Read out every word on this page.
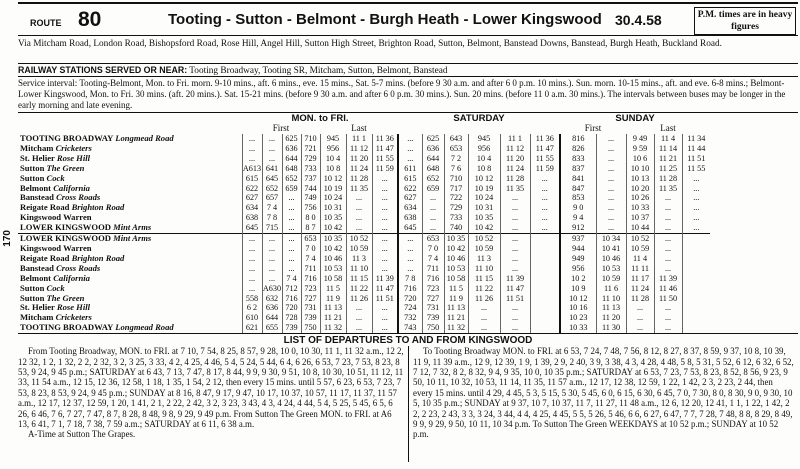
170
ROUTE 80	Tooting - Sutton - Belmont - Burgh Heath - Lower Kingswood 30.4.58	P.M. times are in heavy figures
Via Mitcham Road, London Road, Bishopsford Road, Rose Hill, Angel Hill, Sutton High Street, Brighton Road, Sutton, Belmont, Banstead Downs, Banstead, Burgh Heath, Buckland Road.
RAILWAY STATIONS SERVED OR NEAR: Tooting Broadway, Tooting SR, Mitcham, Sutton, Belmont, Banstead
Service interval: Tooting-Belmont, Mon. to Fri. morn. 9-10 mins., aft. 6 mins., eve. 15 mins., Sat. 5-7 mins. (before 9 30 a.m. and after 6 0 p.m. 10 mins.). Sun. morn. 10-15 mins., aft. and eve. 6-8 mins.; Belmont-Lower Kingswood, Mon. to Fri. 30 mins. (aft. 20 mins.). Sat. 15-21 mins. (before 9 30 a.m. and after 6 0 p.m. 30 mins.). Sun. 20 mins. (before 11 0 a.m. 30 mins.). The intervals between buses may be longer in the early morning and late evening.
	MON. to FRI.							SATURDAY						SUNDAY				
	First				Last									First		Last		
TOOTING BROADWAY Longmead Road	...	...	625	710	945	11 1	11 36	...	625	643	945	11 1	11 36	816	...	9 49	11 4	11 34
Mitcham Cricketers	...	...	636	721	956	11 12	11 47	...	636	653	956	11 12	11 47	826	...	9 59	11 14	11 44
St. Helier Rose Hill	...	...	644	729	10 4	11 20	11 55	...	644	7 2	10 4	11 20	11 55	833	...	10 6	11 21	11 51
Sutton The Green	A613	641	648	733	10 8	11 24	11 59	611	648	7 6	10 8	11 24	11 59	837	...	10 10	11 25	11 55
Sutton Cock	615	645	652	737	10 12	11 28	...	615	652	710	10 12	11 28	...	841	...	10 13	11 28	...
Belmont California	622	652	659	744	10 19	11 35	...	622	659	717	10 19	11 35	...	847	...	10 20	11 35	...
Banstead Cross Roads	627	657	...	749	10 24	...	...	627	...	722	10 24	...	...	853	...	10 26	...	...
Reigate Road Brighton Road	634	7 4	...	756	10 31	...	...	634	...	729	10 31	...	...	9 0	...	10 33	...	...
Kingswood Warren	638	7 8	...	8 0	10 35	...	...	638	...	733	10 35	...	...	9 4	...	10 37	...	...
LOWER KINGSWOOD Mint Arms	645	715	...	8 7	10 42	...	...	645	...	740	10 42	...	...	912	...	10 44	...	...
LOWER KINGSWOOD Mint Arms	...	...	...	653	10 35	10 52	...	...	653	10 35	10 52	...		937	10 34	10 52	...	
Kingswood Warren	...	...	...	7 0	10 42	10 59	...	...	7 0	10 42	10 59	...		944	10 41	10 59	...	
Reigate Road Brighton Road	...	...	...	7 4	10 46	11 3	...	...	7 4	10 46	11 3	...		949	10 46	11 4	...	
Banstead Cross Roads	...	...	...	711	10 53	11 10	...	...	711	10 53	11 10	...		956	10 53	11 11	...	
Belmont California	...	...	7 4	716	10 58	11 15	11 39	7 8	716	10 58	11 15	11 39		10 2	10 59	11 17	11 39	
Sutton Cock	...	A630	712	723	11 5	11 22	11 47	716	723	11 5	11 22	11 47		10 9	11 6	11 24	11 46	
Sutton The Green	558	632	716	727	11 9	11 26	11 51	720	727	11 9	11 26	11 51		10 12	11 10	11 28	11 50	
St. Helier Rose Hill	6 2	636	720	731	11 13	...	...	724	731	11 13	...	...		10 16	11 13	...	...	
Mitcham Cricketers	610	644	728	739	11 21	...	...	732	739	11 21	...	...		10 23	11 20	...	...	
TOOTING BROADWAY Longmead Road	621	655	739	750	11 32	...	...	743	750	11 32	...	...		10 33	11 30	...	...	
LIST OF DEPARTURES TO AND FROM KINGSWOOD

From Tooting Broadway, MON. to FRI. at 7 10, 7 54, 8 25, 8 57, 9 28, 10 0, 10 30, 11 1, 11 32 a.m., 12 2, 12 32, 1 2, 1 32, 2 2, 2 32, 3 2, 3 25, 3 33, 4 2, 4 25, 4 46, 5 4, 5 24, 5 44, 6 4, 6 26, 6 53, 7 23, 7 53, 8 23, 8 53, 9 24, 9 45 p.m.; SATURDAY at 6 43, 7 13, 7 47, 8 17, 8 44, 9 9, 9 30, 9 51, 10 8, 10 30, 10 51, 11 12, 11 33, 11 54 a.m., 12 15, 12 36, 12 58, 1 18, 1 35, 1 54, 2 12, then every 15 mins. until 5 57, 6 23, 6 53, 7 23, 7 53, 8 23, 8 53, 9 24, 9 45 p.m.; SUNDAY at 8 16, 8 47, 9 17, 9 47, 10 17, 10 37, 10 57, 11 17, 11 37, 11 57 a.m., 12 17, 12 37, 12 59, 1 20, 1 41, 2 1, 2 22, 2 42, 3 2, 3 23, 3 43, 4 3, 4 24, 4 44, 5 4, 5 25, 5 45, 6 5, 6 26, 6 46, 7 6, 7 27, 7 47, 8 7, 8 28, 8 48, 9 8, 9 29, 9 49 p.m. From Sutton The Green MON. to FRI. at A6 13, 6 41, 7 1, 7 18, 7 38, 7 59 a.m.; SATURDAY at 6 11, 6 38 a.m.

A-Time at Sutton The Grapes.

To Tooting Broadway MON. to FRI. at 6 53, 7 24, 7 48, 7 56, 8 12, 8 27, 8 37, 8 59, 9 37, 10 8, 10 39, 11 9, 11 39 a.m., 12 9, 12 39, 1 9, 1 39, 2 9, 2 40, 3 9, 3 38, 4 3, 4 28, 4 48, 5 8, 5 31, 5 52, 6 12, 6 32, 6 52, 7 12, 7 32, 8 2, 8 32, 9 4, 9 35, 10 0, 10 35 p.m.; SATURDAY at 6 53, 7 23, 7 53, 8 23, 8 52, 8 56, 9 23, 9 50, 10 11, 10 32, 10 53, 11 14, 11 35, 11 57 a.m., 12 17, 12 38, 12 59, 1 22, 1 42, 2 3, 2 23, 2 44, then every 15 mins. until 4 29, 4 45, 5 3, 5 15, 5 30, 5 45, 6 0, 6 15, 6 30, 6 45, 7 0, 7 30, 8 0, 8 30, 9 0, 9 30, 10 5, 10 35 p.m.; SUNDAY at 9 37, 10 7, 10 37, 11 7, 11 27, 11 48 a.m., 12 6, 12 20, 12 41, 1 1, 1 22, 1 42, 2 2, 2 23, 2 43, 3 3, 3 24, 3 44, 4 4, 4 25, 4 45, 5 5, 5 26, 5 46, 6 6, 6 27, 6 47, 7 7, 7 28, 7 48, 8 8, 8 29, 8 49, 9 9, 9 29, 9 50, 10 11, 10 34 p.m. To Sutton The Green WEEKDAYS at 10 52 p.m.; SUNDAY at 10 52 p.m.
